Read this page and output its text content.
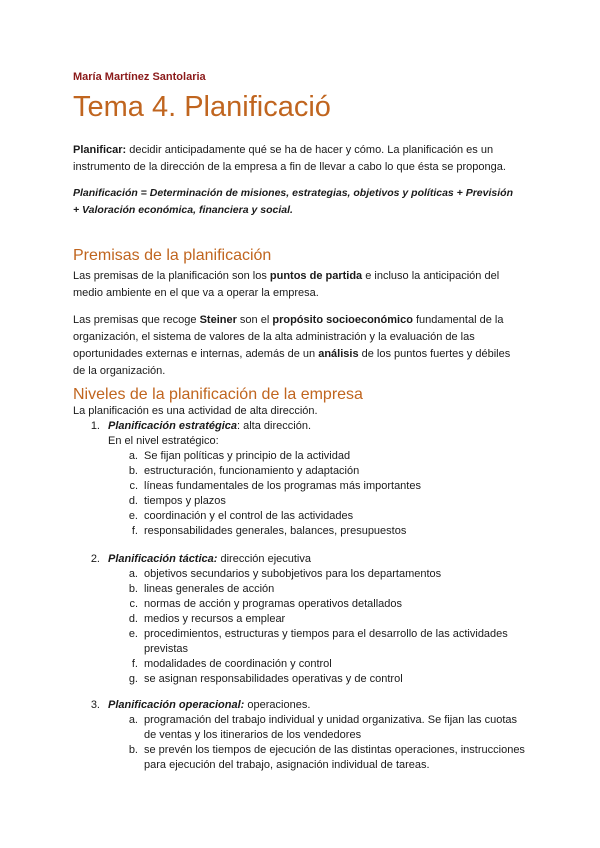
María Martínez Santolaria
Tema 4. Planificació

Planificar: decidir anticipadamente qué se ha de hacer y cómo. La planificación es un instrumento de la dirección de la empresa a fin de llevar a cabo lo que ésta se proponga.

Planificación = Determinación de misiones, estrategias, objetivos y políticas + Previsión + Valoración económica, financiera y social.

Premisas de la planificación

Las premisas de la planificación son los puntos de partida e incluso la anticipación del medio ambiente en el que va a operar la empresa.

Las premisas que recoge Steiner son el propósito socioeconómico fundamental de la organización, el sistema de valores de la alta administración y la evaluación de las oportunidades externas e internas, además de un análisis de los puntos fuertes y débiles de la organización.

Niveles de la planificación de la empresa
La planificación es una actividad de alta dirección.
1. Planificación estratégica: alta dirección.
En el nivel estratégico:
a. Se fijan políticas y principio de la actividad
b. estructuración, funcionamiento y adaptación
c. líneas fundamentales de los programas más importantes
d. tiempos y plazos
e. coordinación y el control de las actividades
f. responsabilidades generales, balances, presupuestos
2. Planificación táctica: dirección ejecutiva
a. objetivos secundarios y subobjetivos para los departamentos
b. lineas generales de acción
c. normas de acción y programas operativos detallados
d. medios y recursos a emplear
e. procedimientos, estructuras y tiempos para el desarrollo de las actividades previstas
f. modalidades de coordinación y control
g. se asignan responsabilidades operativas y de control
3. Planificación operacional: operaciones.
a. programación del trabajo individual y unidad organizativa. Se fijan las cuotas de ventas y los itinerarios de los vendedores
b. se prevén los tiempos de ejecución de las distintas operaciones, instrucciones para ejecución del trabajo, asignación individual de tareas.
